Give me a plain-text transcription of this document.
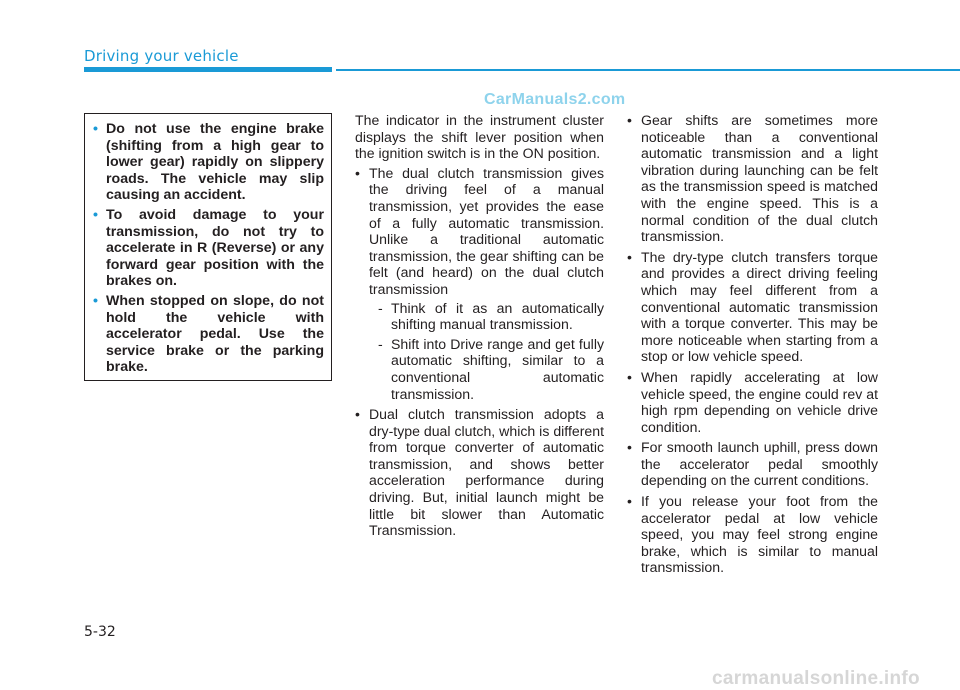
Driving your vehicle
CarManuals2.com
• Do not use the engine brake (shifting from a high gear to lower gear) rapidly on slippery roads. The vehicle may slip causing an accident.
• To avoid damage to your transmission, do not try to accelerate in R (Reverse) or any forward gear position with the brakes on.
• When stopped on slope, do not hold the vehicle with accelerator pedal. Use the service brake or the parking brake.

The indicator in the instrument cluster displays the shift lever position when the ignition switch is in the ON position.

• The dual clutch transmission gives the driving feel of a manual transmission, yet provides the ease of a fully automatic transmission. Unlike a traditional automatic transmission, the gear shifting can be felt (and heard) on the dual clutch transmission
- Think of it as an automatically shifting manual transmission.
- Shift into Drive range and get fully automatic shifting, similar to a conventional automatic transmission.
• Dual clutch transmission adopts a dry-type dual clutch, which is different from torque converter of automatic transmission, and shows better acceleration performance during driving. But, initial launch might be little bit slower than Automatic Transmission.
• Gear shifts are sometimes more noticeable than a conventional automatic transmission and a light vibration during launching can be felt as the transmission speed is matched with the engine speed. This is a normal condition of the dual clutch transmission.
• The dry-type clutch transfers torque and provides a direct driving feeling which may feel different from a conventional automatic transmission with a torque converter. This may be more noticeable when starting from a stop or low vehicle speed.
• When rapidly accelerating at low vehicle speed, the engine could rev at high rpm depending on vehicle drive condition.
• For smooth launch uphill, press down the accelerator pedal smoothly depending on the current conditions.
• If you release your foot from the accelerator pedal at low vehicle speed, you may feel strong engine brake, which is similar to manual transmission.
5-32
carmanualsonline.info
